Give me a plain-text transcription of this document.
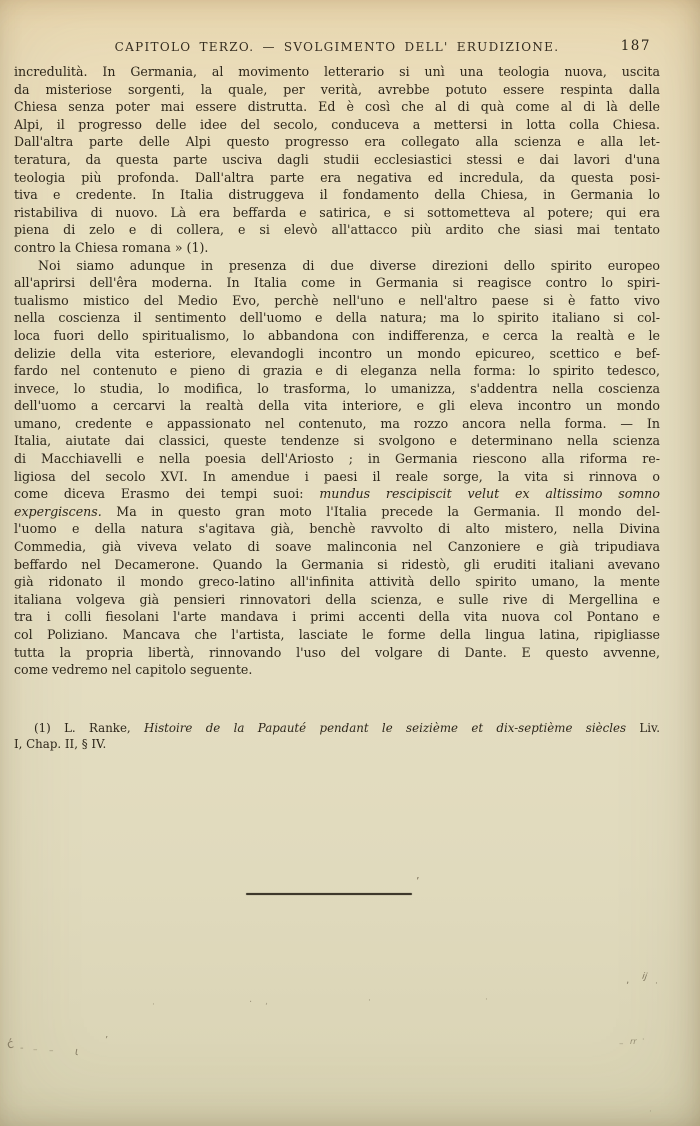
CAPITOLO TERZO. — SVOLGIMENTO DELL' ERUDIZIONE.	187
incredulità. In Germania, al movimento letterario si unì una teologia nuova, uscita
da misteriose sorgenti, la quale, per verità, avrebbe potuto essere respinta dalla
Chiesa senza poter mai essere distrutta. Ed è così che al di quà come al di là delle
Alpi, il progresso delle idee del secolo, conduceva a mettersi in lotta colla Chiesa.
Dall'altra parte delle Alpi questo progresso era collegato alla scienza e alla let-
teratura, da questa parte usciva dagli studii ecclesiastici stessi e dai lavori d'una
teologia più profonda. Dall'altra parte era negativa ed incredula, da questa posi-
tiva e credente. In Italia distruggeva il fondamento della Chiesa, in Germania lo
ristabiliva di nuovo. Là era beffarda e satirica, e si sottometteva al potere; qui era
piena di zelo e di collera, e si elevò all'attacco più ardito che siasi mai tentato
contro la Chiesa romana » (1).
Noi siamo adunque in presenza di due diverse direzioni dello spirito europeo
all'aprirsi dell'êra moderna. In Italia come in Germania si reagisce contro lo spiri-
tualismo mistico del Medio Evo, perchè nell'uno e nell'altro paese si è fatto vivo
nella coscienza il sentimento dell'uomo e della natura; ma lo spirito italiano si col-
loca fuori dello spiritualismo, lo abbandona con indifferenza, e cerca la realtà e le
delizie della vita esteriore, elevandogli incontro un mondo epicureo, scettico e bef-
fardo nel contenuto e pieno di grazia e di eleganza nella forma: lo spirito tedesco,
invece, lo studia, lo modifica, lo trasforma, lo umanizza, s'addentra nella coscienza
dell'uomo a cercarvi la realtà della vita interiore, e gli eleva incontro un mondo
umano, credente e appassionato nel contenuto, ma rozzo ancora nella forma. — In
Italia, aiutate dai classici, queste tendenze si svolgono e determinano nella scienza
di Macchiavelli e nella poesia dell'Ariosto ; in Germania riescono alla riforma re-
ligiosa del secolo XVI. In amendue i paesi il reale sorge, la vita si rinnova o
come diceva Erasmo dei tempi suoi: mundus rescipiscit velut ex altissimo somno
expergiscens. Ma in questo gran moto l'Italia precede la Germania. Il mondo del-
l'uomo e della natura s'agitava già, benchè ravvolto di alto mistero, nella Divina
Commedia, già viveva velato di soave malinconia nel Canzoniere e già tripudiava
beffardo nel Decamerone. Quando la Germania si ridestò, gli eruditi italiani avevano
già ridonato il mondo greco-latino all'infinita attività dello spirito umano, la mente
italiana volgeva già pensieri rinnovatori della scienza, e sulle rive di Mergellina e
tra i colli fiesolani l'arte mandava i primi accenti della vita nuova col Pontano e
col Poliziano. Mancava che l'artista, lasciate le forme della lingua latina, ripigliasse
tutta la propria libertà, rinnovando l'uso del volgare di Dante. E questo avvenne,
come vedremo nel capitolo seguente.
(1) L. Ranke, Histoire de la Papauté pendant le seizième et dix-septième siècles Liv.
I, Chap. II, § IV.
’
‚ ij
·
·	· ‚	·	·
ć - – – ι
’	– rr ·
·
